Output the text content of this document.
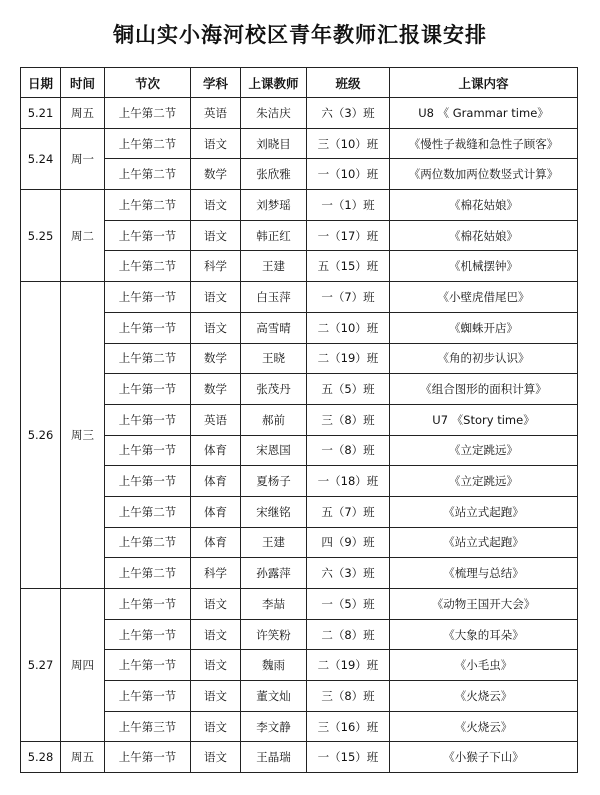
铜山实小海河校区青年教师汇报课安排
日期	时间	节次	学科	上课教师	班级	上课内容
5.21	周五	上午第二节	英语	朱洁庆	六（3）班	U8 《 Grammar time》
5.24	周一	上午第二节	语文	刘晓目	三（10）班	《慢性子裁缝和急性子顾客》
		上午第二节	数学	张欣雅	一（10）班	《两位数加两位数竖式计算》
5.25	周二	上午第二节	语文	刘梦瑶	一（1）班	《棉花姑娘》
		上午第一节	语文	韩正红	一（17）班	《棉花姑娘》
		上午第二节	科学	王建	五（15）班	《机械摆钟》
5.26	周三	上午第一节	语文	白玉萍	一（7）班	《小壁虎借尾巴》
		上午第一节	语文	高雪晴	二（10）班	《蜘蛛开店》
		上午第二节	数学	王晓	二（19）班	《角的初步认识》
		上午第一节	数学	张茂丹	五（5）班	《组合图形的面积计算》
		上午第一节	英语	郝前	三（8）班	U7 《Story time》
		上午第一节	体育	宋恩国	一（8）班	《立定跳远》
		上午第一节	体育	夏杨子	一（18）班	《立定跳远》
		上午第二节	体育	宋继铭	五（7）班	《站立式起跑》
		上午第二节	体育	王建	四（9）班	《站立式起跑》
		上午第二节	科学	孙露萍	六（3）班	《梳理与总结》
5.27	周四	上午第一节	语文	李喆	一（5）班	《动物王国开大会》
		上午第一节	语文	许笑粉	二（8）班	《大象的耳朵》
		上午第一节	语文	魏雨	二（19）班	《小毛虫》
		上午第一节	语文	董文灿	三（8）班	《火烧云》
		上午第三节	语文	李文静	三（16）班	《火烧云》
5.28	周五	上午第一节	语文	王晶瑞	一（15）班	《小猴子下山》
